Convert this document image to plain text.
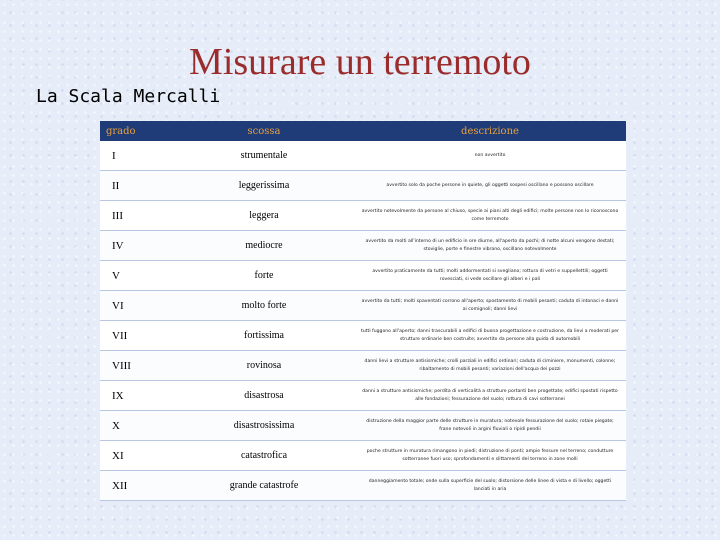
Misurare un terremoto
La Scala Mercalli
grado	scossa	descrizione
I	strumentale	non avvertito
II	leggerissima	avvertito solo da poche persone in quiete, gli oggetti sospesi oscillano e possono oscillare
III	leggera	avvertito notevolmente da persone al chiuso, specie ai piani alti degli edifici; molte persone non lo riconoscono come terremoto
IV	mediocre	avvertito da molti all'interno di un edificio in ore diurne, all'aperto da pochi; di notte alcuni vengono destati; stoviglie, porte e finestre vibrano, oscillano notevolmente
V	forte	avvertito praticamente da tutti; molti addormentati si svegliano; rottura di vetri e suppellettili; oggetti rovesciati, si vede oscillare gli alberi e i pali
VI	molto forte	avvertito da tutti; molti spaventati corrono all'aperto; spostamento di mobili pesanti; caduta di intonaci e danni ai comignoli; danni lievi
VII	fortissima	tutti fuggono all'aperto; danni trascurabili a edifici di buona progettazione e costruzione, da lievi a moderati per strutture ordinarie ben costruite; avvertito da persone alla guida di automobili
VIII	rovinosa	danni lievi a strutture antisismiche; crolli parziali in edifici ordinari; caduta di ciminiere, monumenti, colonne; ribaltamento di mobili pesanti; variazioni dell'acqua dei pozzi
IX	disastrosa	danni a strutture antisismiche; perdita di verticalità a strutture portanti ben progettate; edifici spostati rispetto alle fondazioni; fessurazione del suolo; rottura di cavi sotterranei
X	disastrosissima	distruzione della maggior parte delle strutture in muratura; notevole fessurazione del suolo; rotaie piegate; frane notevoli in argini fluviali o ripidi pendii
XI	catastrofica	poche strutture in muratura rimangono in piedi; distruzione di ponti; ampie fessure nel terreno; condutture sotterranee fuori uso; sprofondamenti e slittamenti del terreno in zone molli
XII	grande catastrofe	danneggiamento totale; onde sulla superficie del suolo; distorsione delle linee di vista e di livello; oggetti lanciati in aria
